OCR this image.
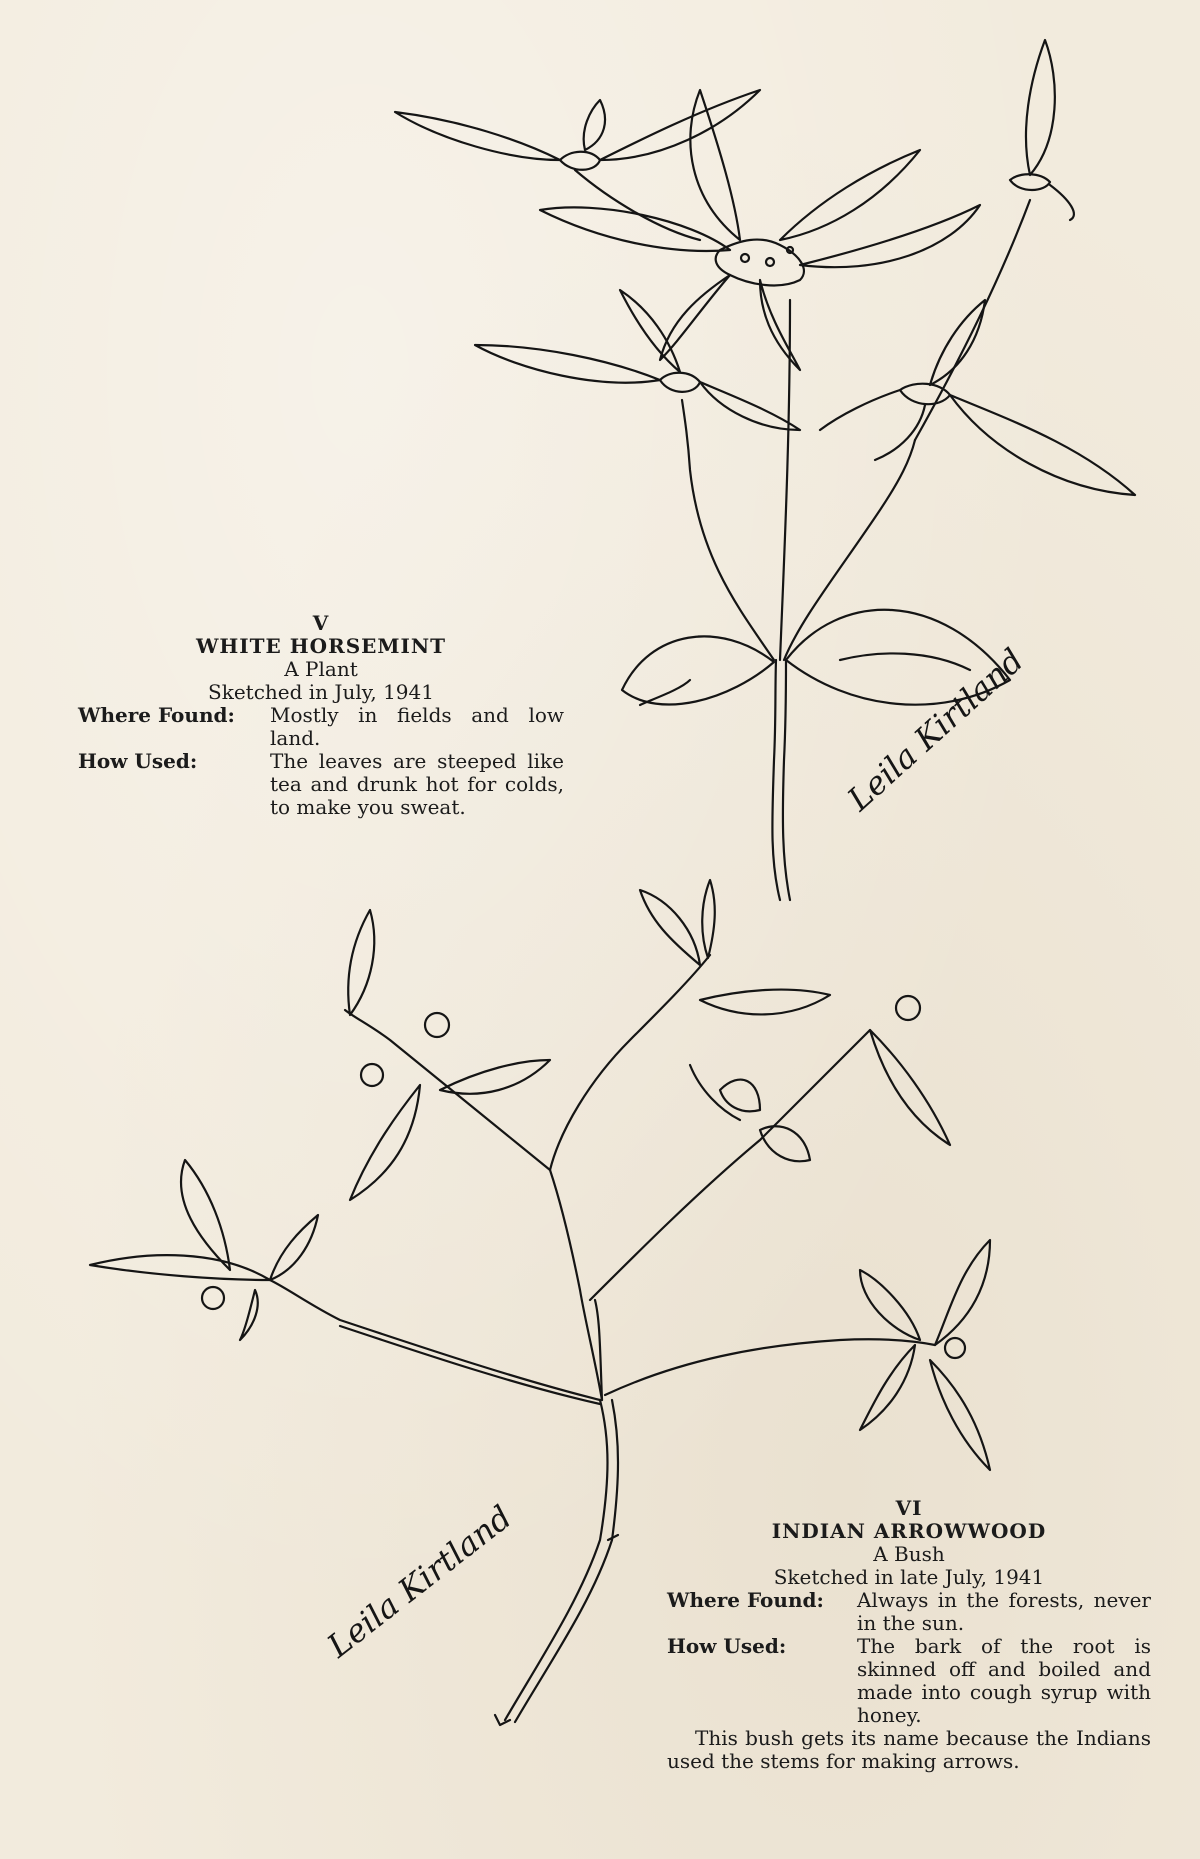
V
WHITE HORSEMINT
A Plant
Sketched in July, 1941
Where Found:	Mostly in fields and low land.
How Used:	The leaves are steeped like tea and drunk hot for colds, to make you sweat.
VI
INDIAN ARROWWOOD
A Bush
Sketched in late July, 1941
Where Found:	Always in the forests, never in the sun.
How Used:	The bark of the root is skinned off and boiled and made into cough syrup with honey.
This bush gets its name because the Indians used the stems for making arrows.
Leila Kirtland
Leila Kirtland
